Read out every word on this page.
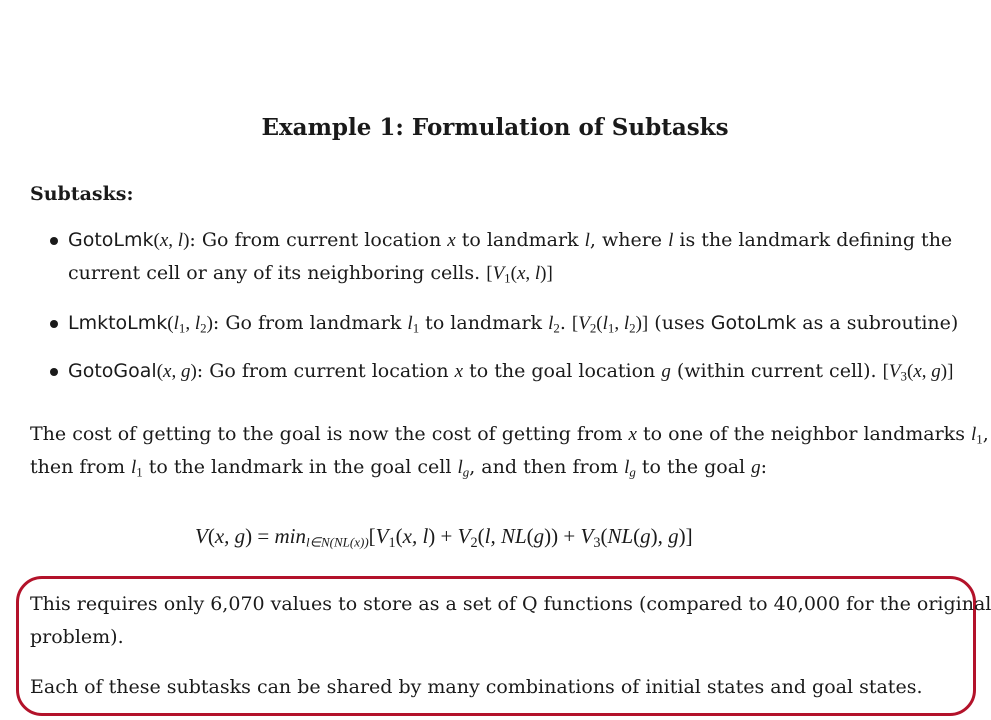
Example 1: Formulation of Subtasks
Subtasks:
GotoLmk(x, l): Go from current location x to landmark l, where l is the landmark defining the
current cell or any of its neighboring cells. [$V_1(x$, l)]
$LmktoLmk(l_1$, $l_2$): Go from landmark $l_1$ to landmark $l_2$. [$V_2(l_1$, $l_2$)] (uses GotoLmk as a subroutine)
GotoGoal(x, g): Go from current location x to the goal location g (within current cell). [$V_3(x$, g)]
The cost of getting to the goal is now the cost of getting from x to one of the neighbor landmarks $l_1$,
then from $l_1$ to the landmark in the goal cell $l_g$, and then from $l_g$ to the goal g:
V(x, $g) = \min_{l\in N(NL(x))}[V_1(x$, $l) + V_2(l$, $NL(g)) + V_3(NL(g)$, g)]
This requires only 6,070 values to store as a set of Q functions (compared to 40,000 for the original
problem).
Each of these subtasks can be shared by many combinations of initial states and goal states.
